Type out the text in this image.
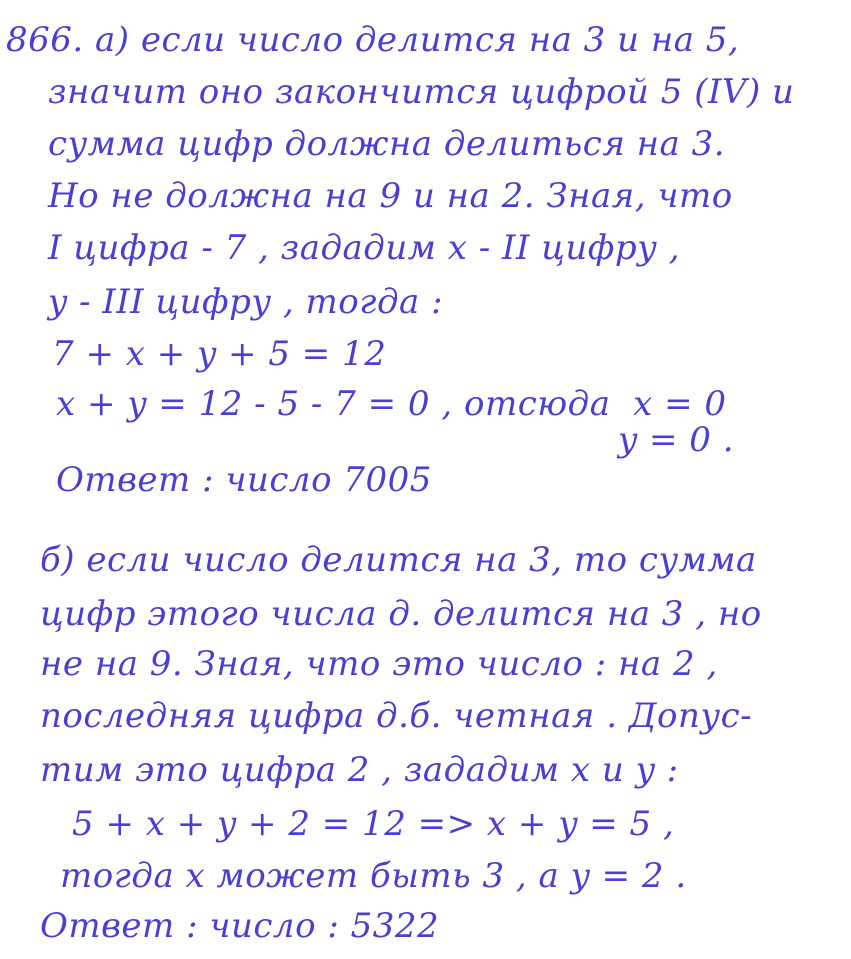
866. а) если число делится на 3 и на 5,
значит оно закончится цифрой 5 (IV) и
сумма цифр должна делиться на 3.
Но не должна на 9 и на 2. Зная, что
I цифра - 7 , зададим x - II цифру ,
y - III цифру , тогда :
7 + x + y + 5 = 12
x + y = 12 - 5 - 7 = 0 , отсюда  x = 0
y = 0 .
Ответ : число 7005
б) если число делится на 3, то сумма
цифр этого числа д. делится на 3 , но
не на 9. Зная, что это число : на 2 ,
последняя цифра д.б. четная . Допус-
тим это цифра 2 , зададим x и y :
5 + x + y + 2 = 12 => x + y = 5 ,
тогда x может быть 3 , а y = 2 .
Ответ : число : 5322
